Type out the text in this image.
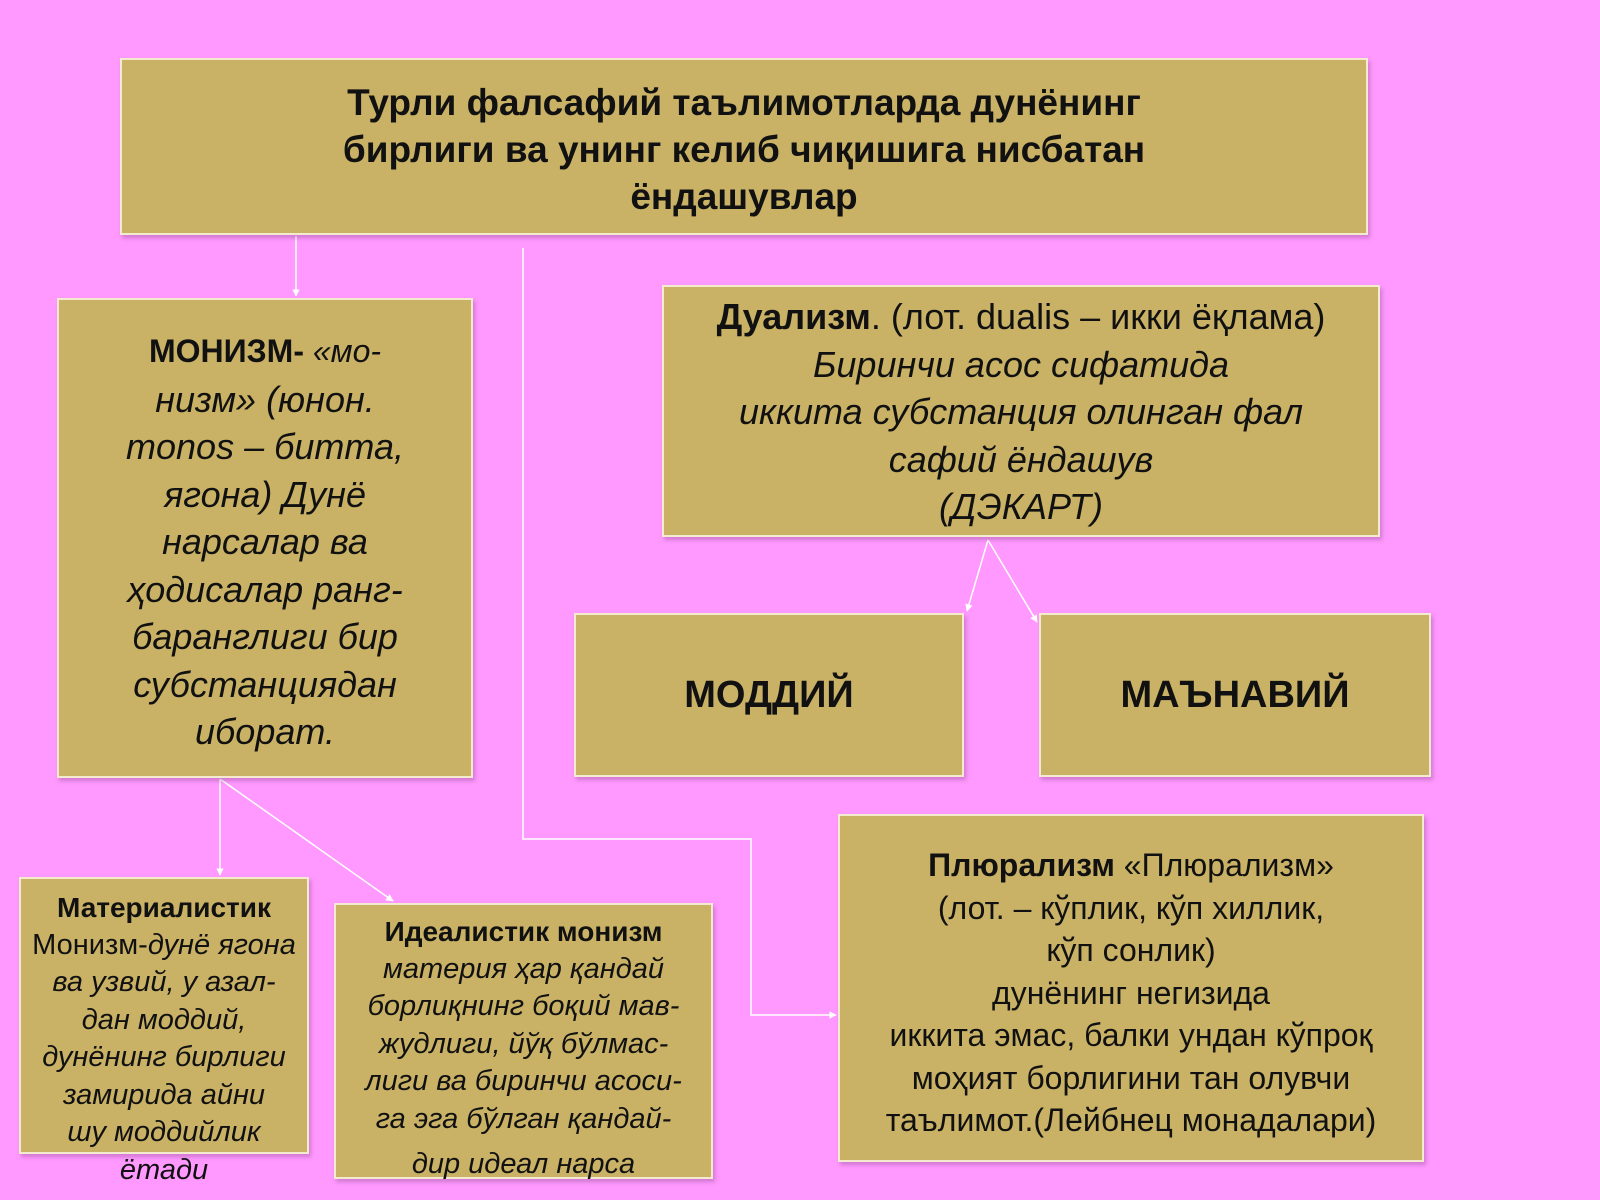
Турли фалсафий таълимотларда дунёнинг

бирлиги ва унинг келиб чиқишига нисбатан

ёндашувлар

МОНИЗМ- «мо-

низм» (юнон.

monos – битта,

ягона) Дунё

нарсалар ва

ҳодисалар ранг-

баранглиги бир

субстанциядан

иборат.

Дуализм. (лот. dualis – икки ёқлама)

Биринчи асос сифатида

иккита субстанция олинган фал

сафий ёндашув

(ДЭКАРТ)

МОДДИЙ	МАЪНАВИЙ

Плюрализм «Плюрализм»

(лот. – кўплик, кўп хиллик,

кўп сонлик)

дунёнинг негизида

иккита эмас, балки ундан кўпроқ

моҳият борлигини тан олувчи

таълимот.(Лейбнец монадалари)

Материалистик

Монизм-дунё ягона

ва узвий, у азал-

дан моддий,

дунёнинг бирлиги

замирида айни

шу моддийлик

ётади

Идеалистик монизм

материя ҳар қандай

борлиқнинг боқий мав-

жудлиги, йўқ бўлмас-

лиги ва биринчи асоси-

га эга бўлган қандай-

дир идеал нарса
